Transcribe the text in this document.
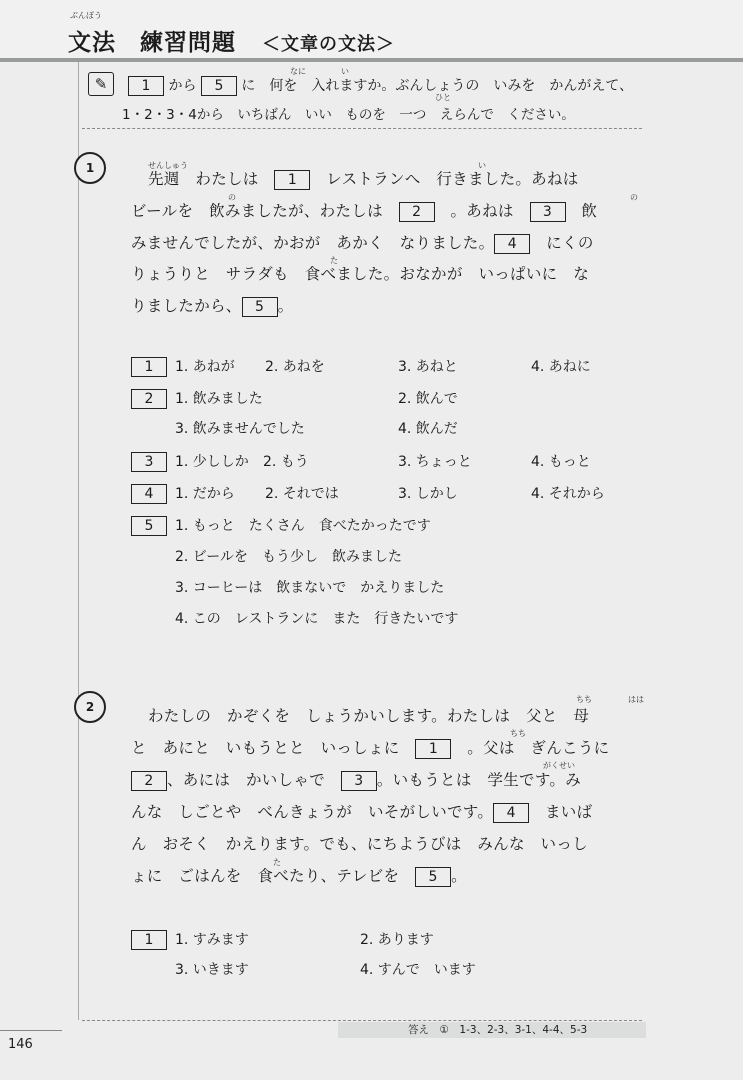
ぶんぽう
文法　練習問題 ＜文章の文法＞
✎
なに	い
1 から 5 に　何を　入れますか。ぶんしょうの　いみを　かんがえて、
ひと
1・2・3・4から　いちばん　いい　ものを　一つ　えらんで　ください。
1	せんしゅう	い
先週　わたしは　 1　 レストランへ　行きました。あねは
の	の
ビールを　飲みましたが、わたしは　 2　 。あねは　 3　 飲
みませんでしたが、かおが　あかく　なりました。 4　 にくの
た
りょうりと　サラダも　食べました。おなかが　いっぱいに　な
りましたから、 5 。
1	1. あねが 2. あねを	3. あねと	4. あねに
2	1. 飲みました	2. 飲んで
3. 飲みませんでした	4. 飲んだ
3	1. 少ししか 2. もう	3. ちょっと	4. もっと
4	1. だから 2. それでは	3. しかし	4. それから
5	1. もっと　たくさん　食べたかったです
2. ビールを　もう少し　飲みました
3. コーヒーは　飲まないで　かえりました
4. この　レストランに　また　行きたいです
2
ちち	はは
わたしの　かぞくを　しょうかいします。わたしは　父と　母
ちち
と　あにと　いもうとと　いっしょに　 1　 。父は　ぎんこうに
がくせい
2 、あには　かいしゃで　 3 。いもうとは　学生です。み
んな　しごとや　べんきょうが　いそがしいです。 4　 まいば
ん　おそく　かえります。でも、にちようびは　みんな　いっし
た
ょに　ごはんを　食べたり、テレビを　 5 。
1	1. すみます	2. あります
3. いきます	4. すんで　います
答え　①　1-3、2-3、3-1、4-4、5-3
146
